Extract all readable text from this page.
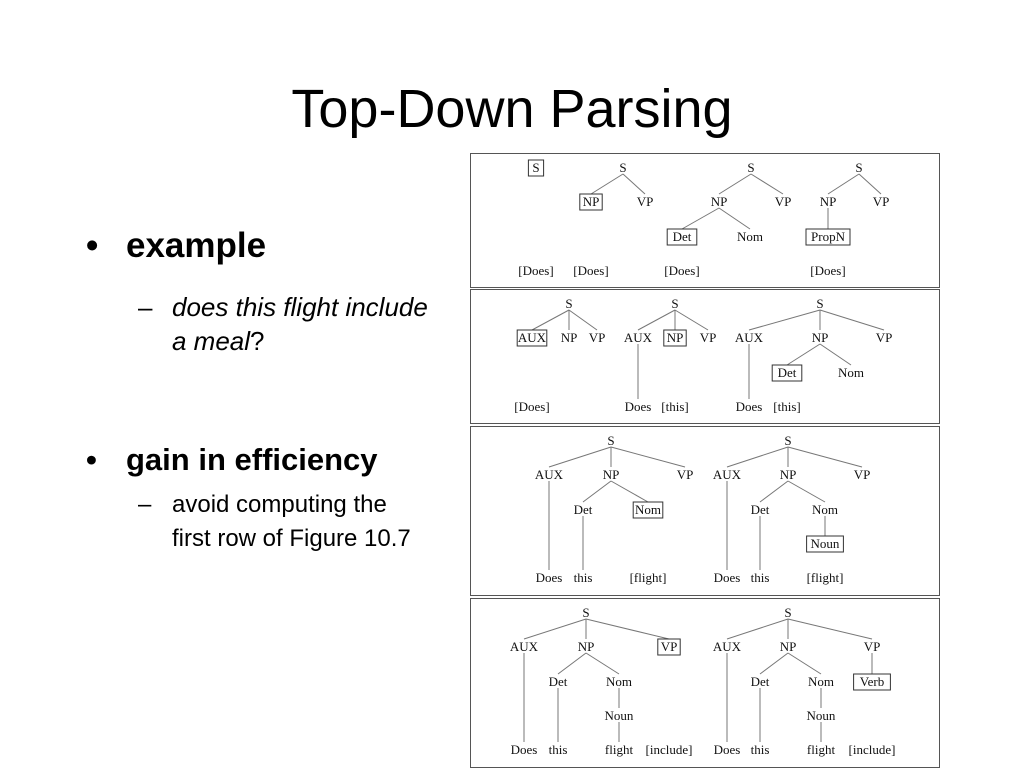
Top-Down Parsing
• example
– does this flight include a meal?
• gain in efficiency
– avoid computing the first row of Figure 10.7
S	S
NP	VP
S
NP	VP
Det	Nom
S
NP	VP
PropN
[Does] [Does]	[Does]	[Does]
S
AUX NP VP
S
AUX NP VP
S
AUX	NP	VP
Det	Nom
[Does]	Does [this]	Does [this]
S
AUX	NP	VP
Det	Nom
S
AUX	NP	VP
Det	Nom
Noun
Does this	[flight]	Does this	[flight]
S
AUX	NP	VP
Det	Nom
Noun
S
AUX	NP	VP
Det	Nom Verb
Noun
Does this	flight [include] Does this	flight [include]
